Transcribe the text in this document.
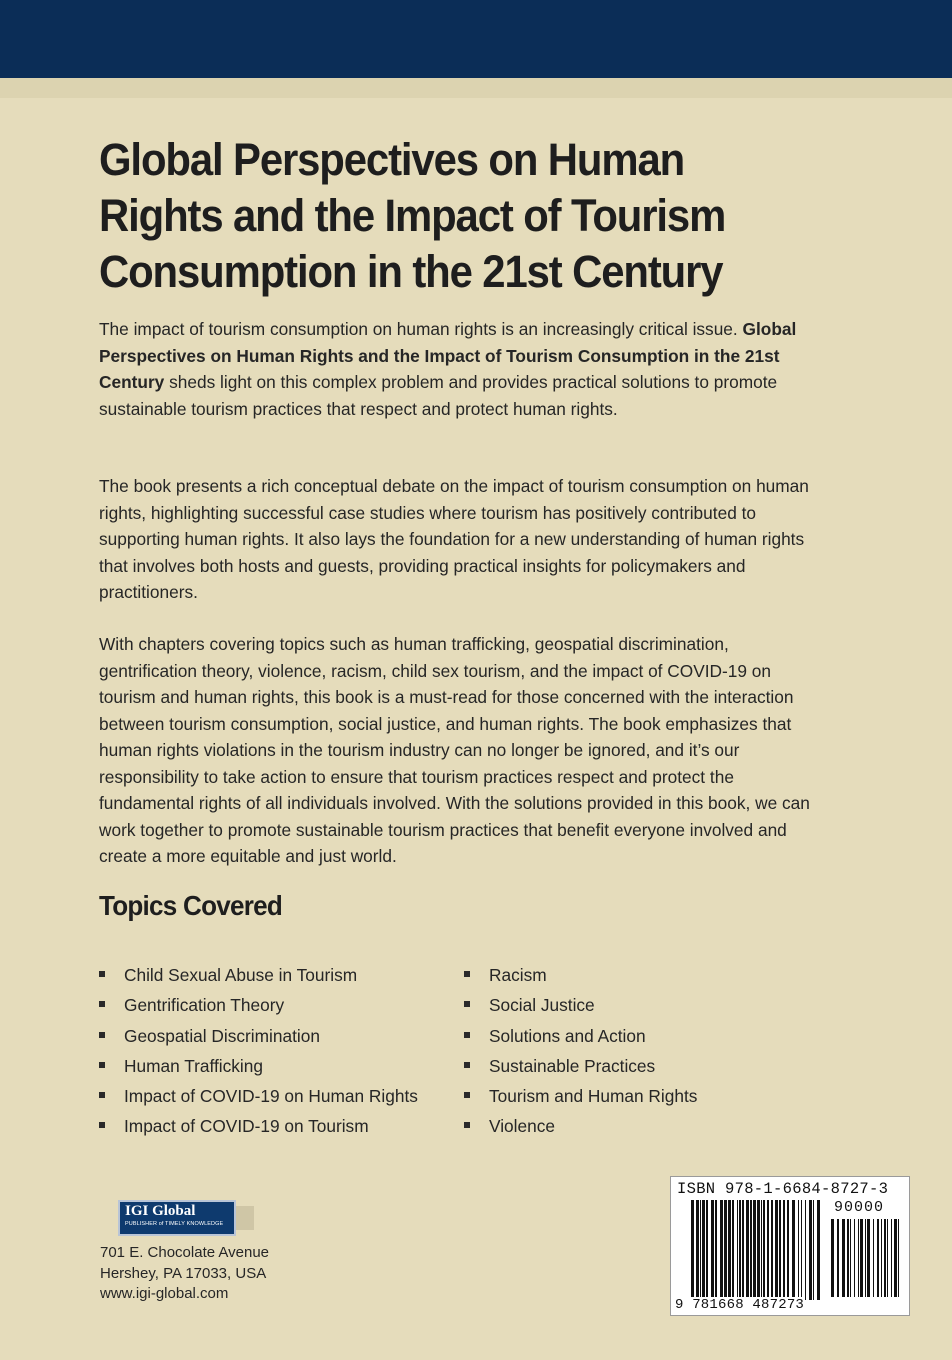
Global Perspectives on Human Rights and the Impact of Tourism Consumption in the 21st Century

The impact of tourism consumption on human rights is an increasingly critical issue. Global Perspectives on Human Rights and the Impact of Tourism Consumption in the 21st Century sheds light on this complex problem and provides practical solutions to promote sustainable tourism practices that respect and protect human rights.

The book presents a rich conceptual debate on the impact of tourism consumption on human rights, highlighting successful case studies where tourism has positively contributed to supporting human rights. It also lays the foundation for a new understanding of human rights that involves both hosts and guests, providing practical insights for policymakers and practitioners.

With chapters covering topics such as human trafficking, geospatial discrimination, gentrification theory, violence, racism, child sex tourism, and the impact of COVID-19 on tourism and human rights, this book is a must-read for those concerned with the interaction between tourism consumption, social justice, and human rights. The book emphasizes that human rights violations in the tourism industry can no longer be ignored, and it’s our responsibility to take action to ensure that tourism practices respect and protect the fundamental rights of all individuals involved. With the solutions provided in this book, we can work together to promote sustainable tourism practices that benefit everyone involved and create a more equitable and just world.

Topics Covered
Child Sexual Abuse in Tourism
Gentrification Theory
Geospatial Discrimination
Human Trafficking
Impact of COVID-19 on Human Rights
Impact of COVID-19 on Tourism
Racism
Social Justice
Solutions and Action
Sustainable Practices
Tourism and Human Rights
Violence
IGI Global
PUBLISHER of TIMELY KNOWLEDGE

701 E. Chocolate Avenue
Hershey, PA 17033, USA
www.igi-global.com

ISBN 978-1-6684-8727-3
90000
9 781668 487273
